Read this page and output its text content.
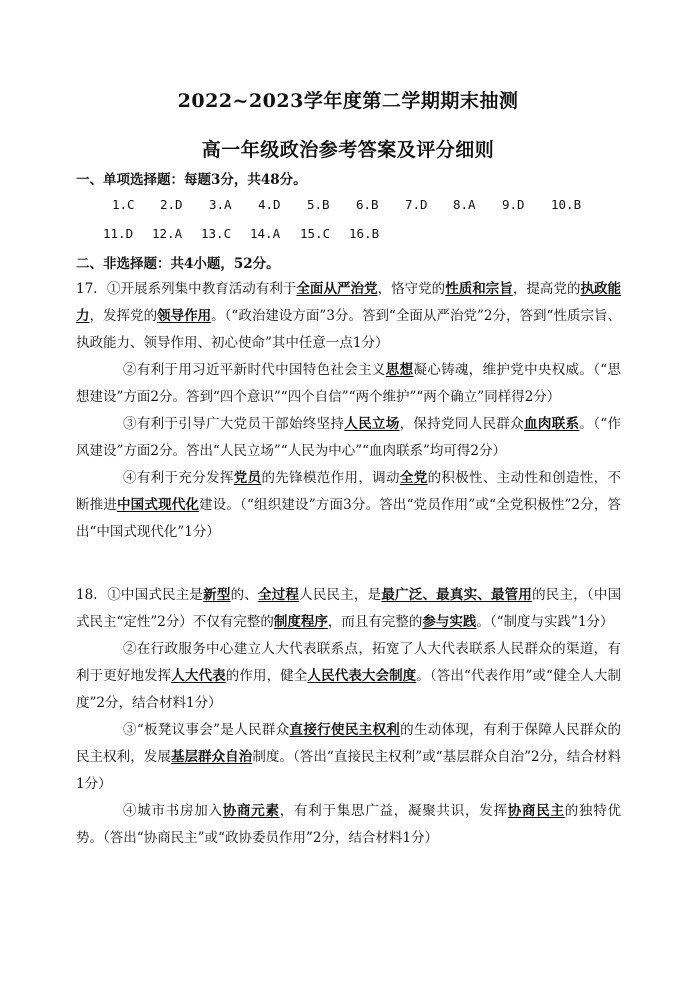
2022~2023学年度第二学期期末抽测
高一年级政治参考答案及评分细则
一、单项选择题：每题3分，共48分。
1.C 2.D 3.A 4.D 5.B 6.B 7.D 8.A 9.D 10.B
11.D 12.A 13.C 14.A 15.C 16.B
二、非选择题：共4小题，52分。

17. ①开展系列集中教育活动有利于全面从严治党，恪守党的性质和宗旨，提高党的执政能力，发挥党的领导作用。（“政治建设方面”3分。答到“全面从严治党”2分，答到“性质宗旨、执政能力、领导作用、初心使命”其中任意一点1分）

②有利于用习近平新时代中国特色社会主义思想凝心铸魂，维护党中央权威。（“思想建设”方面2分。答到“四个意识”“四个自信”“两个维护”“两个确立”同样得2分）

③有利于引导广大党员干部始终坚持人民立场，保持党同人民群众血肉联系。（“作风建设”方面2分。答出“人民立场”“人民为中心”“血肉联系”均可得2分）

④有利于充分发挥党员的先锋模范作用，调动全党的积极性、主动性和创造性，不断推进中国式现代化建设。（“组织建设”方面3分。答出“党员作用”或“全党积极性”2分，答出“中国式现代化”1分）

18. ①中国式民主是新型的、全过程人民民主，是最广泛、最真实、最管用的民主，（中国式民主“定性”2分）不仅有完整的制度程序，而且有完整的参与实践。（“制度与实践”1分）

②在行政服务中心建立人大代表联系点，拓宽了人大代表联系人民群众的渠道，有利于更好地发挥人大代表的作用，健全人民代表大会制度。（答出“代表作用”或“健全人大制度”2分，结合材料1分）

③“板凳议事会”是人民群众直接行使民主权利的生动体现，有利于保障人民群众的民主权利，发展基层群众自治制度。（答出“直接民主权利”或“基层群众自治”2分，结合材料1分）

④城市书房加入协商元素，有利于集思广益，凝聚共识，发挥协商民主的独特优势。（答出“协商民主”或“政协委员作用”2分，结合材料1分）
